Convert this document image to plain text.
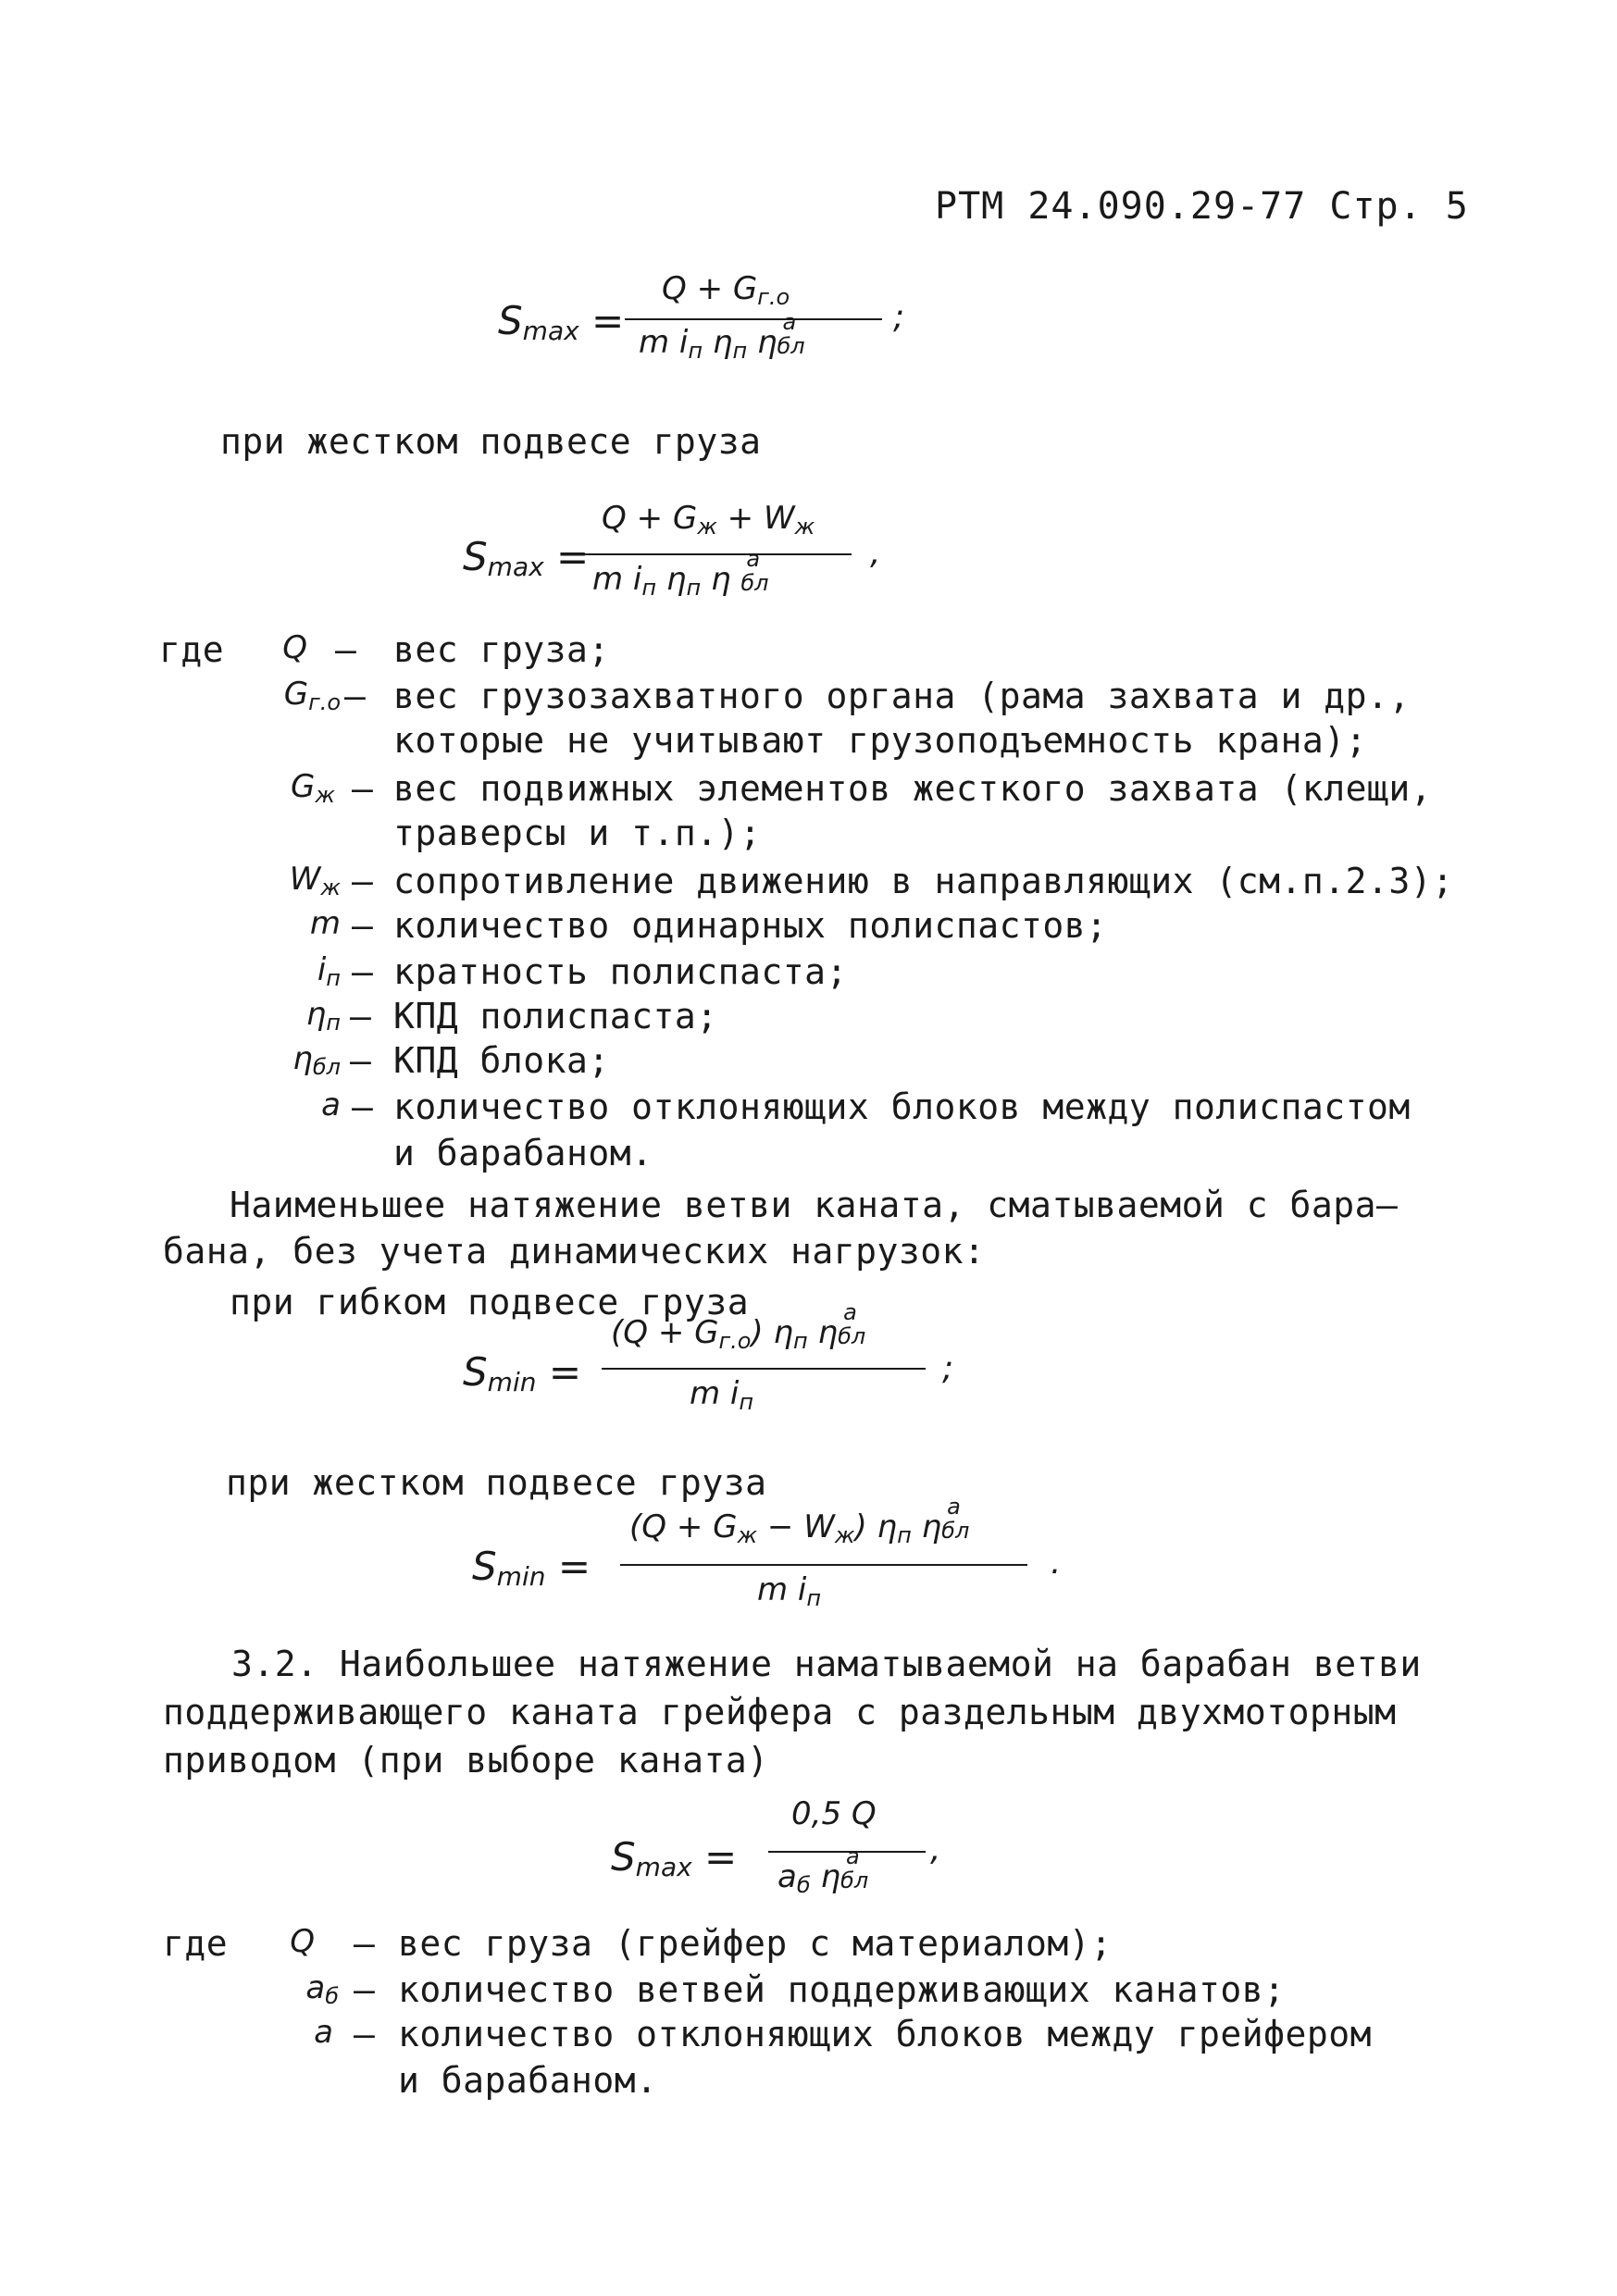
РТМ 24.090.29-77 Стр. 5
$S_{max}$ =
$Q + G_{г.о}$
m $i_п$ $\eta_п$ η
a
бл
;
при жестком подвесе груза
$S_{max}$ =
$Q + G_ж + W_ж$
m $i_п$ $\eta_п$ η
a
бл
,
где	Q – вес груза;
$G_{г.о}$ – вес грузозахватного органа (рама захвата и др.,
которые не учитывают грузоподъемность крана);
$G_ж$ – вес подвижных элементов жесткого захвата (клещи,
траверсы и т.п.);
$W_ж$ – сопротивление движению в направляющих (см.п.2.3);
m – количество одинарных полиспастов;
$i_п$ – кратность полиспаста;
$\eta_п$ – КПД полиспаста;
$\eta_{бл}$ – КПД блока;
a – количество отклоняющих блоков между полиспастом
и барабаном.
Наименьшее натяжение ветви каната, сматываемой с бара–
бана, без учета динамических нагрузок:
при гибком подвесе груза
$S_{min}$ =
$(Q + G_{г.о})$ $\eta_п$ η
a
бл
m $i_п$
;
при жестком подвесе груза
$S_{min}$ =
$(Q + G_ж - W_ж)$ $\eta_п$ η
a
бл
m $i_п$
.
3.2. Наибольшее натяжение наматываемой на барабан ветви
поддерживающего каната грейфера с раздельным двухмоторным
приводом (при выборе каната)
$S_{max}$ =
0,5 Q
$a_б$ η
a
бл
,
где	Q – вес груза (грейфер с материалом);
$a_б$ – количество ветвей поддерживающих канатов;
a – количество отклоняющих блоков между грейфером
и барабаном.
